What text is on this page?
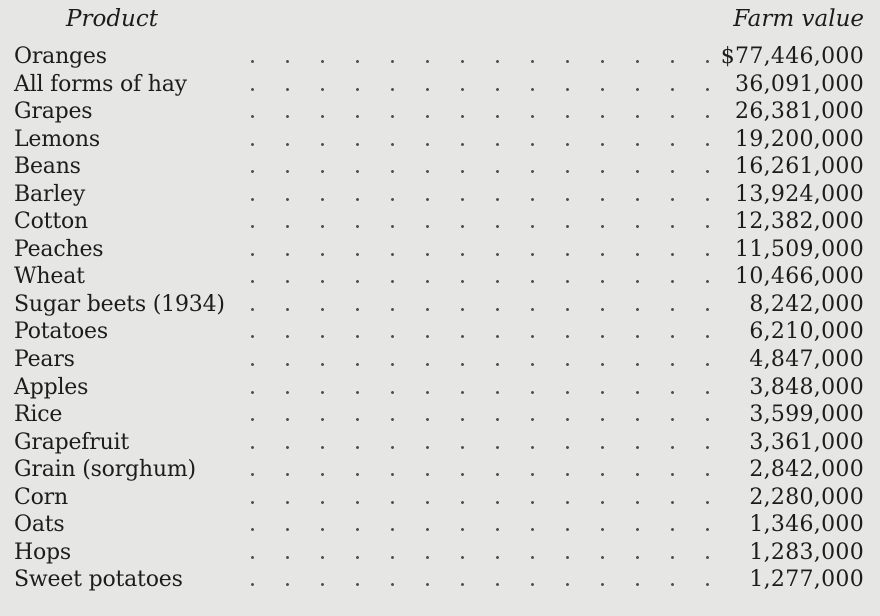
Product	Farm value
Oranges	$77,446,000
All forms of hay	36,091,000
Grapes	26,381,000
Lemons	19,200,000
Beans	16,261,000
Barley	13,924,000
Cotton	12,382,000
Peaches	11,509,000
Wheat	10,466,000
Sugar beets (1934)	8,242,000
Potatoes	6,210,000
Pears	4,847,000
Apples	3,848,000
Rice	3,599,000
Grapefruit	3,361,000
Grain (sorghum)	2,842,000
Corn	2,280,000
Oats	1,346,000
Hops	1,283,000
Sweet potatoes	1,277,000
